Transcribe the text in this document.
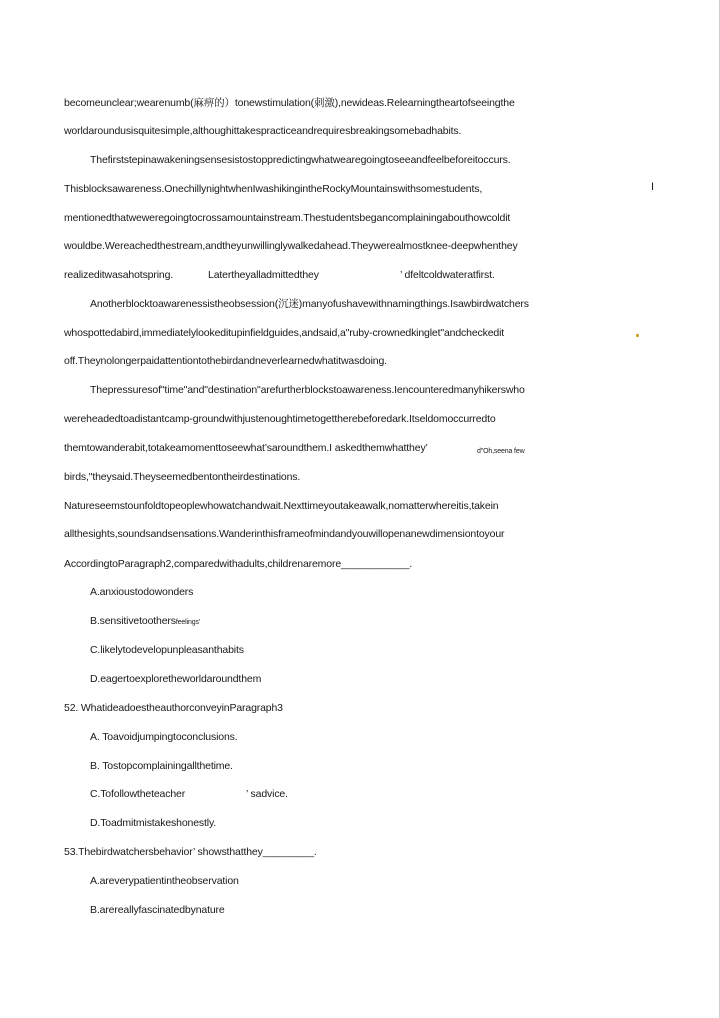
becomeunclear;wearenumb(麻痹的）tonewstimulation(刺激),newideas.Relearningtheartofseeingthe
worldaroundusisquitesimple,althoughittakespracticeandrequiresbreakingsomebadhabits.
Thefirststepinawakeningsensesistostoppredictingwhatwearegoingtoseeandfeelbeforeitoccurs.
Thisblocksawareness.OnechillynightwhenIwashikingintheRockyMountainswithsomestudents,	I
mentionedthatweweregoingtocrossamountainstream.Thestudentsbegancomplainingabouthowcoldit
wouldbe.Wereachedthestream,andtheyunwillinglywalkedahead.Theywerealmostknee-deepwhenthey
realizeditwasahotspring.	Latertheyalladmittedthey	’ dfeltcoldwateratfirst.
Anotherblocktoawarenessistheobsession(沉迷)manyofushavewithnamingthings.Isawbirdwatchers
whospottedabird,immediatelylookeditupinfieldguides,andsaid,a"ruby-crownedkinglet"andcheckedit
off.Theynolongerpaidattentiontothebirdandneverlearnedwhatitwasdoing.
Thepressuresof"time"and"destination"arefurtherblockstoawareness.Iencounteredmanyhikerswho
wereheadedtoadistantcamp-groundwithjustenoughtimetogettherebeforedark.Itseldomoccurredto
themtowanderabit,totakeamomenttoseewhat’saroundthem.I askedthemwhatthey’	d"Oh,seena few
birds,"theysaid.Theyseemedbentontheirdestinations.
Natureseemstounfoldtopeoplewhowatchandwait.Nexttimeyoutakeawalk,nomatterwhereitis,takein
allthesights,soundsandsensations.Wanderinthisframeofmindandyouwillopenanewdimensiontoyour
AccordingtoParagraph2,comparedwithadults,childrenaremore____________.
A.anxioustodowonders
B.sensitivetoothersfeelings’
C.likelytodevelopunpleasanthabits
D.eagertoexploretheworldaroundthem
52. WhatideadoestheauthorconveyinParagraph3
A. Toavoidjumpingtoconclusions.
B. Tostopcomplainingallthetime.
C.Tofollowtheteacher	’ sadvice.
D.Toadmitmistakeshonestly.
53.Thebirdwatchersbehavior’ showsthatthey_________.
A.areverypatientintheobservation
B.arereallyfascinatedbynature
